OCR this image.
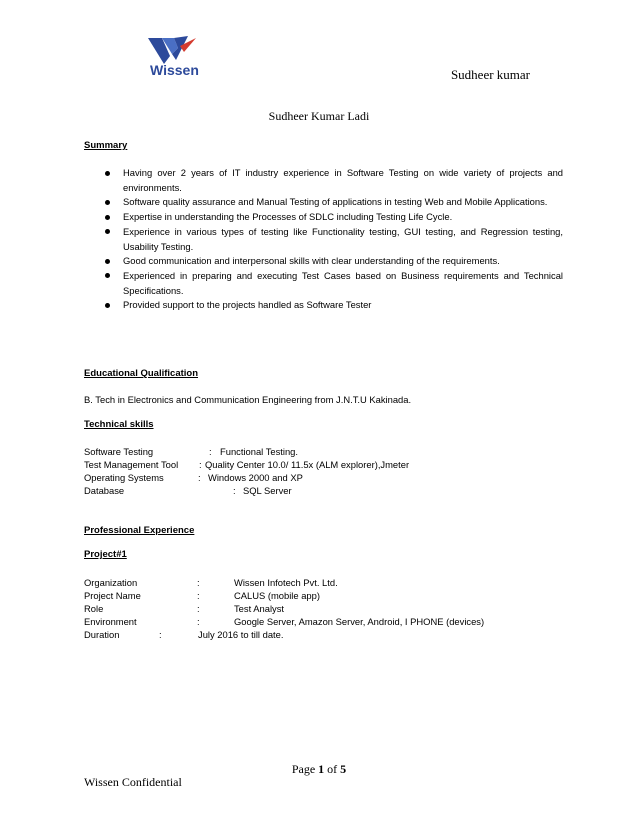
Wissen	Sudheer kumar
Sudheer Kumar Ladi
Summary
Having over 2 years of IT industry experience in Software Testing on wide variety of projects and environments.
Software quality assurance and Manual Testing of applications in testing Web and Mobile Applications.
Expertise in understanding the Processes of SDLC including Testing Life Cycle.
Experience in various types of testing like Functionality testing, GUI testing, and Regression testing, Usability Testing.
Good communication and interpersonal skills with clear understanding of the requirements.
Experienced in preparing and executing Test Cases based on Business requirements and Technical Specifications.
Provided support to the projects handled as Software Tester
Educational Qualification
B. Tech in Electronics and Communication Engineering from J.N.T.U Kakinada.
Technical skills
Software Testing	: Functional Testing.
Test Management Tool : Quality Center 10.0/ 11.5x (ALM explorer),Jmeter
Operating Systems	: Windows 2000 and XP
Database	: SQL Server
Professional Experience
Project#1
Organization	:	Wissen Infotech Pvt. Ltd.
Project Name	:	CALUS (mobile app)
Role	:	Test Analyst
Environment	:	Google Server, Amazon Server, Android, I PHONE (devices)
Duration	:	July 2016 to till date.
Page 1 of 5
Wissen Confidential
